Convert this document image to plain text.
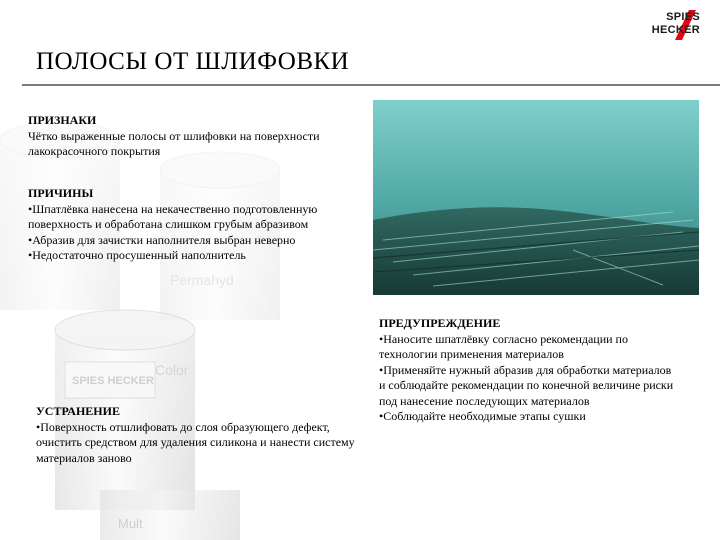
ПОЛОСЫ ОТ ШЛИФОВКИ
SPIES
HECKER
ПРИЗНАКИ
Чётко выраженные полосы от шлифовки на поверхности лакокрасочного покрытия
ПРИЧИНЫ
• Шпатлёвка нанесена на некачественно подготовленную поверхность и обработана слишком грубым абразивом
• Абразив для зачистки наполнителя выбран неверно
• Недостаточно просушенный наполнитель
УСТРАНЕНИЕ
• Поверхность отшлифовать до слоя образующего дефект, очистить средством для удаления силикона и нанести систему материалов заново
ПРЕДУПРЕЖДЕНИЕ
• Наносите шпатлёвку согласно рекомендации по технологии применения материалов
• Применяйте нужный абразив для обработки материалов и соблюдайте рекомендации по конечной величине риски под нанесение последующих материалов
• Соблюдайте необходимые этапы сушки
